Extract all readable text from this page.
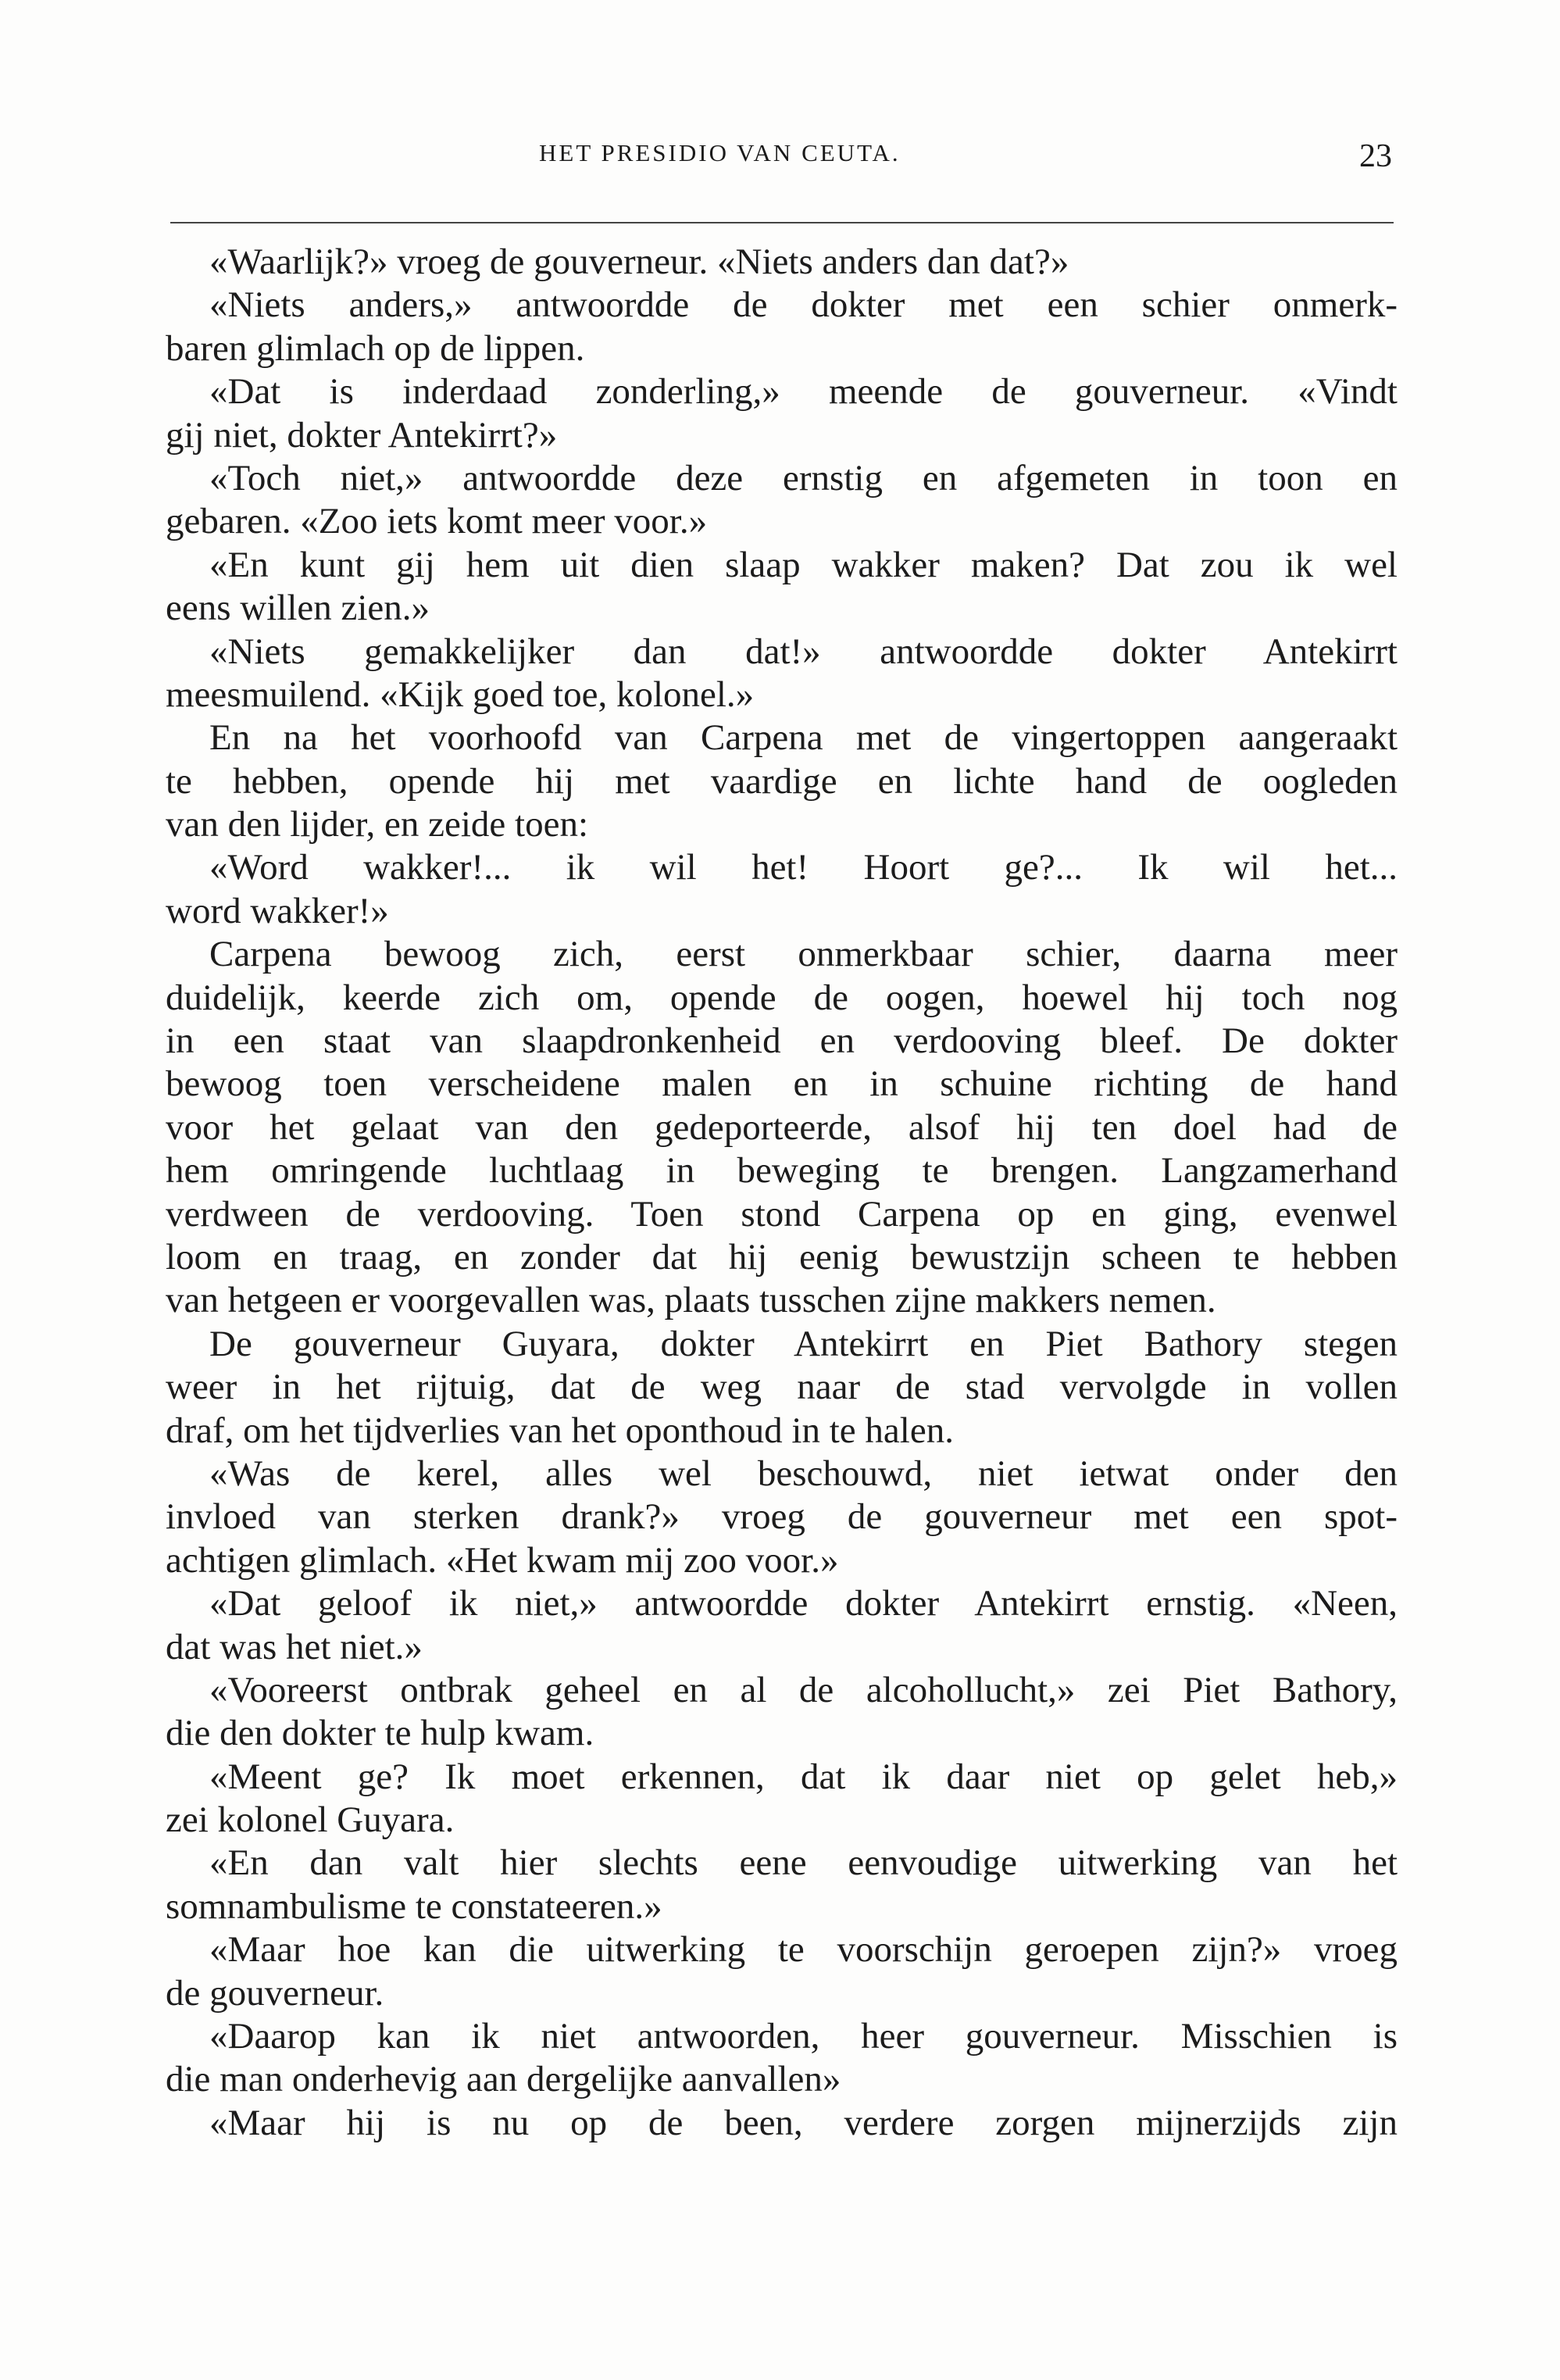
HET PRESIDIO VAN CEUTA.	23
«Waarlijk?» vroeg de gouverneur. «Niets anders dan dat?»
«Niets anders,» antwoordde de dokter met een schier onmerk-
baren glimlach op de lippen.
«Dat is inderdaad zonderling,» meende de gouverneur. «Vindt
gij niet, dokter Antekirrt?»
«Toch niet,» antwoordde deze ernstig en afgemeten in toon en
gebaren. «Zoo iets komt meer voor.»
«En kunt gij hem uit dien slaap wakker maken? Dat zou ik wel
eens willen zien.»
«Niets gemakkelijker dan dat!» antwoordde dokter Antekirrt
meesmuilend. «Kijk goed toe, kolonel.»
En na het voorhoofd van Carpena met de vingertoppen aangeraakt
te hebben, opende hij met vaardige en lichte hand de oogleden
van den lijder, en zeide toen:
«Word wakker!... ik wil het! Hoort ge?... Ik wil het...
word wakker!»
Carpena bewoog zich, eerst onmerkbaar schier, daarna meer
duidelijk, keerde zich om, opende de oogen, hoewel hij toch nog
in een staat van slaapdronkenheid en verdooving bleef. De dokter
bewoog toen verscheidene malen en in schuine richting de hand
voor het gelaat van den gedeporteerde, alsof hij ten doel had de
hem omringende luchtlaag in beweging te brengen. Langzamerhand
verdween de verdooving. Toen stond Carpena op en ging, evenwel
loom en traag, en zonder dat hij eenig bewustzijn scheen te hebben
van hetgeen er voorgevallen was, plaats tusschen zijne makkers nemen.
De gouverneur Guyara, dokter Antekirrt en Piet Bathory stegen
weer in het rijtuig, dat de weg naar de stad vervolgde in vollen
draf, om het tijdverlies van het oponthoud in te halen.
«Was de kerel, alles wel beschouwd, niet ietwat onder den
invloed van sterken drank?» vroeg de gouverneur met een spot-
achtigen glimlach. «Het kwam mij zoo voor.»
«Dat geloof ik niet,» antwoordde dokter Antekirrt ernstig. «Neen,
dat was het niet.»
«Vooreerst ontbrak geheel en al de alcohollucht,» zei Piet Bathory,
die den dokter te hulp kwam.
«Meent ge? Ik moet erkennen, dat ik daar niet op gelet heb,»
zei kolonel Guyara.
«En dan valt hier slechts eene eenvoudige uitwerking van het
somnambulisme te constateeren.»
«Maar hoe kan die uitwerking te voorschijn geroepen zijn?» vroeg
de gouverneur.
«Daarop kan ik niet antwoorden, heer gouverneur. Misschien is
die man onderhevig aan dergelijke aanvallen»
«Maar hij is nu op de been, verdere zorgen mijnerzijds zijn
